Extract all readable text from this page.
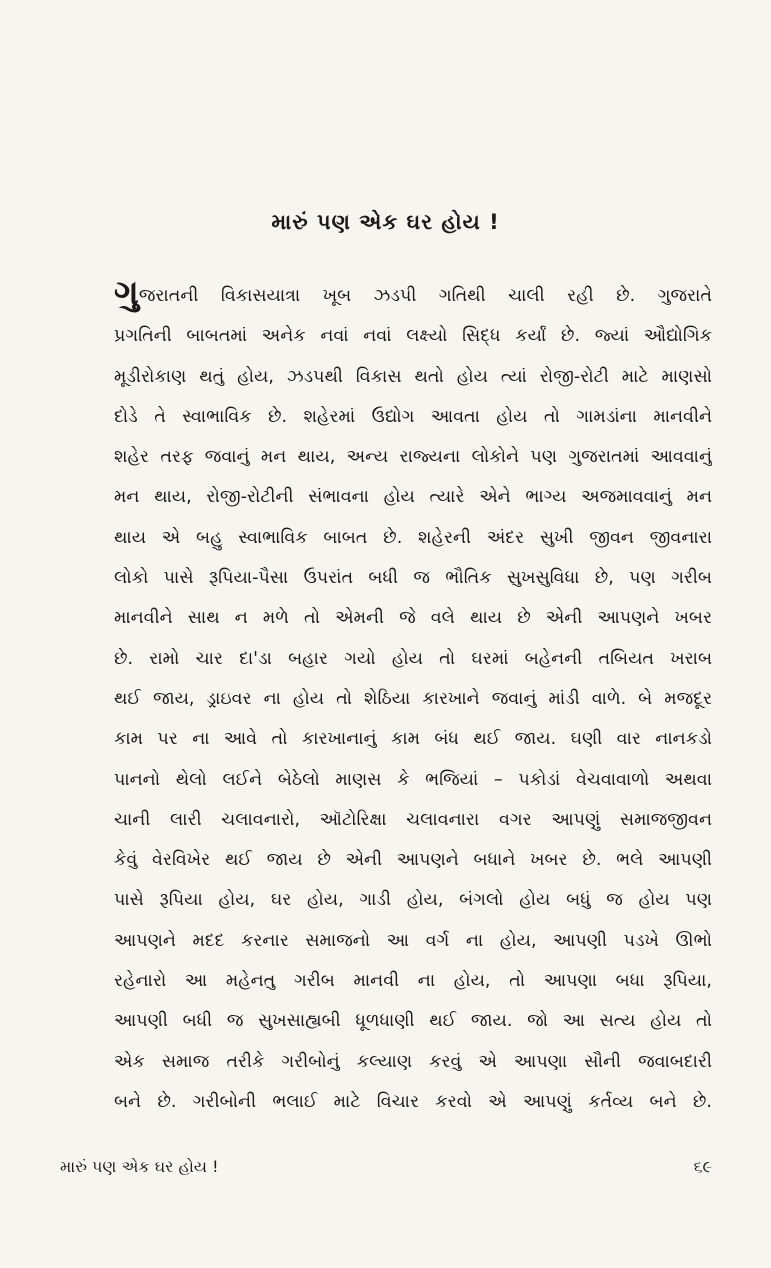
મારું પણ એક ઘર હોય !
ગુજરાતની વિકાસયાત્રા ખૂબ ઝડપી ગતિથી ચાલી રહી છે. ગુજરાતે
પ્રગતિની બાબતમાં અનેક નવાં નવાં લક્ષ્યો સિદ્ધ કર્યાં છે. જ્યાં ઔદ્યોગિક
મૂડીરોકાણ થતું હોય, ઝડપથી વિકાસ થતો હોય ત્યાં રોજી-રોટી માટે માણસો
દોડે તે સ્વાભાવિક છે. શહેરમાં ઉદ્યોગ આવતા હોય તો ગામડાંના માનવીને
શહેર તરફ જવાનું મન થાય, અન્ય રાજ્યના લોકોને પણ ગુજરાતમાં આવવાનું
મન થાય, રોજી-રોટીની સંભાવના હોય ત્યારે એને ભાગ્ય અજમાવવાનું મન
થાય એ બહુ સ્વાભાવિક બાબત છે. શહેરની અંદર સુખી જીવન જીવનારા
લોકો પાસે રૂપિયા-પૈસા ઉપરાંત બધી જ ભૌતિક સુખસુવિધા છે, પણ ગરીબ
માનવીને સાથ ન મળે તો એમની જે વલે થાય છે એની આપણને ખબર
છે. રામો ચાર દા'ડા બહાર ગયો હોય તો ઘરમાં બહેનની તબિયત ખરાબ
થઈ જાય, ડ્રાઇવર ના હોય તો શેઠિયા કારખાને જવાનું માંડી વાળે. બે મજદૂર
કામ પર ના આવે તો કારખાનાનું કામ બંધ થઈ જાય. ઘણી વાર નાનકડો
પાનનો થેલો લઈને બેઠેલો માણસ કે ભજિયાં – પકોડાં વેચવાવાળો અથવા
ચાની લારી ચલાવનારો, ઑટોરિક્ષા ચલાવનારા વગર આપણું સમાજજીવન
કેવું વેરવિખેર થઈ જાય છે એની આપણને બધાને ખબર છે. ભલે આપણી
પાસે રૂપિયા હોય, ઘર હોય, ગાડી હોય, બંગલો હોય બધું જ હોય પણ
આપણને મદદ કરનાર સમાજનો આ વર્ગ ના હોય, આપણી પડખે ઊભો
રહેનારો આ મહેનતુ ગરીબ માનવી ના હોય, તો આપણા બધા રૂપિયા,
આપણી બધી જ સુખસાહ્યબી ધૂળધાણી થઈ જાય. જો આ સત્ય હોય તો
એક સમાજ તરીકે ગરીબોનું કલ્યાણ કરવું એ આપણા સૌની જવાબદારી
બને છે. ગરીબોની ભલાઈ માટે વિચાર કરવો એ આપણું કર્તવ્ય બને છે.
મારું પણ એક ઘર હોય !	૬૯
